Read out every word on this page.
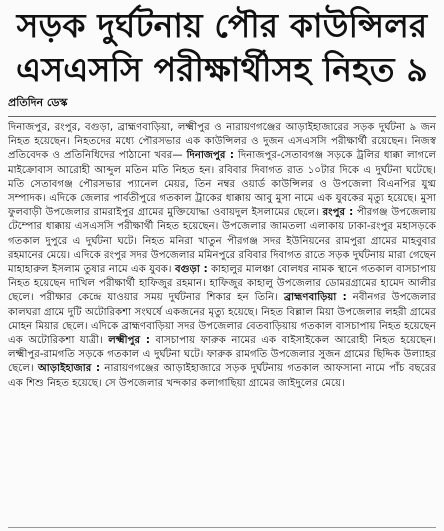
সড়ক দুর্ঘটনায় পৌর কাউন্সিলর
এসএসসি পরীক্ষার্থীসহ নিহত ৯
প্রতিদিন ডেস্ক

দিনাজপুর, রংপুর, বগুড়া, ব্রাহ্মণবাড়িয়া, লক্ষ্মীপুর ও নারায়ণগঞ্জের আড়াইহাজারের সড়ক দুর্ঘটনা ৯ জন নিহত হয়েছেন। নিহতদের মধ্যে পৌরসভার এক কাউন্সিলর ও দুজন এসএসসি পরীক্ষার্থী রয়েছেন। নিজস্ব প্রতিবেদক ও প্রতিনিধিদের পাঠানো খবর— দিনাজপুর : দিনাজপুর-সেতাবগঞ্জ সড়কে ট্রলির ধাক্কা লাগলে মাইক্রোবাস আরোহী আব্দুল মতিন মতি নিহত হন। রবিবার দিবাগত রাত ১০টার দিকে এ দুর্ঘটনা ঘটেছে। মতি সেতাবগঞ্জ পৌরসভার প্যানেল মেয়র, তিন নম্বর ওয়ার্ড কাউন্সিলর ও উপজেলা বিএনপির যুগ্ম সম্পাদক। এদিকে জেলার পার্বতীপুরে গতকাল ট্রাকের ধাক্কায় আবু মুসা নামে এক যুবকের মৃত্যু হয়েছে। মুসা ফুলবাড়ী উপজেলার রামরাইপুর গ্রামের মুক্তিযোদ্ধা ওবায়দুল ইসলামের ছেলে। রংপুর : পীরগঞ্জ উপজেলায় টেম্পোর ধাক্কায় এসএসসি পরীক্ষার্থী নিহত হয়েছেন। উপজেলার জামতলা এলাকায় ঢাকা-রংপুর মহাসড়কে গতকাল দুপুরে এ দুর্ঘটনা ঘটে। নিহত মনিরা খাতুন পীরগঞ্জ সদর ইউনিয়নের রামপুরা গ্রামের মাহবুবার রহমানের মেয়ে। এদিকে রংপুর সদর উপজেলার মমিনপুরে রবিবার দিবাগত রাতে সড়ক দুর্ঘটনায় মারা গেছেন মাহাহারুল ইসলাম তুষার নামে এক যুবক। বগুড়া : কাহালুর মালঞ্চা বোলধর নামক স্থানে গতকাল বাসচাপায় নিহত হয়েছেন দাখিল পরীক্ষার্থী হাফিজুর রহমান। হাফিজুর কাহালু উপজেলার ডোমরগ্রামের হামেদ আলীর ছেলে। পরীক্ষার কেন্দ্রে যাওয়ার সময় দুর্ঘটনার শিকার হন তিনি। ব্রাহ্মণবাড়িয়া : নবীনগর উপজেলার কালঘরা গ্রামে দুটি অটোরিকশা সংঘর্ষে একজনের মৃত্যু হয়েছে। নিহত বিল্লাল মিয়া উপজেলার লহরী গ্রামের মোহন মিয়ার ছেলে। এদিকে ব্রাহ্মণবাড়িয়া সদর উপজেলার বেতবাড়িয়ায় গতকাল বাসচাপায় নিহত হয়েছেন এক অটোরিকশা যাত্রী। লক্ষ্মীপুর : বাসচাপায় ফারুক নামের এক বাইসাইকেল আরোহী নিহত হয়েছেন। লক্ষ্মীপুর-রামগতি সড়কে গতকাল এ দুর্ঘটনা ঘটে। ফারুক রামগতি উপজেলার সুজন গ্রামের ছিদ্দিক উল্যাহর ছেলে। আড়াইহাজার : নারায়ণগঞ্জের আড়াইহাজারে সড়ক দুর্ঘটনায় গতকাল আফসানা নামে পাঁচ বছরের এক শিশু নিহত হয়েছে। সে উপজেলার খন্দকার কলাগাছিয়া গ্রামের জাইদুলের মেয়ে।
